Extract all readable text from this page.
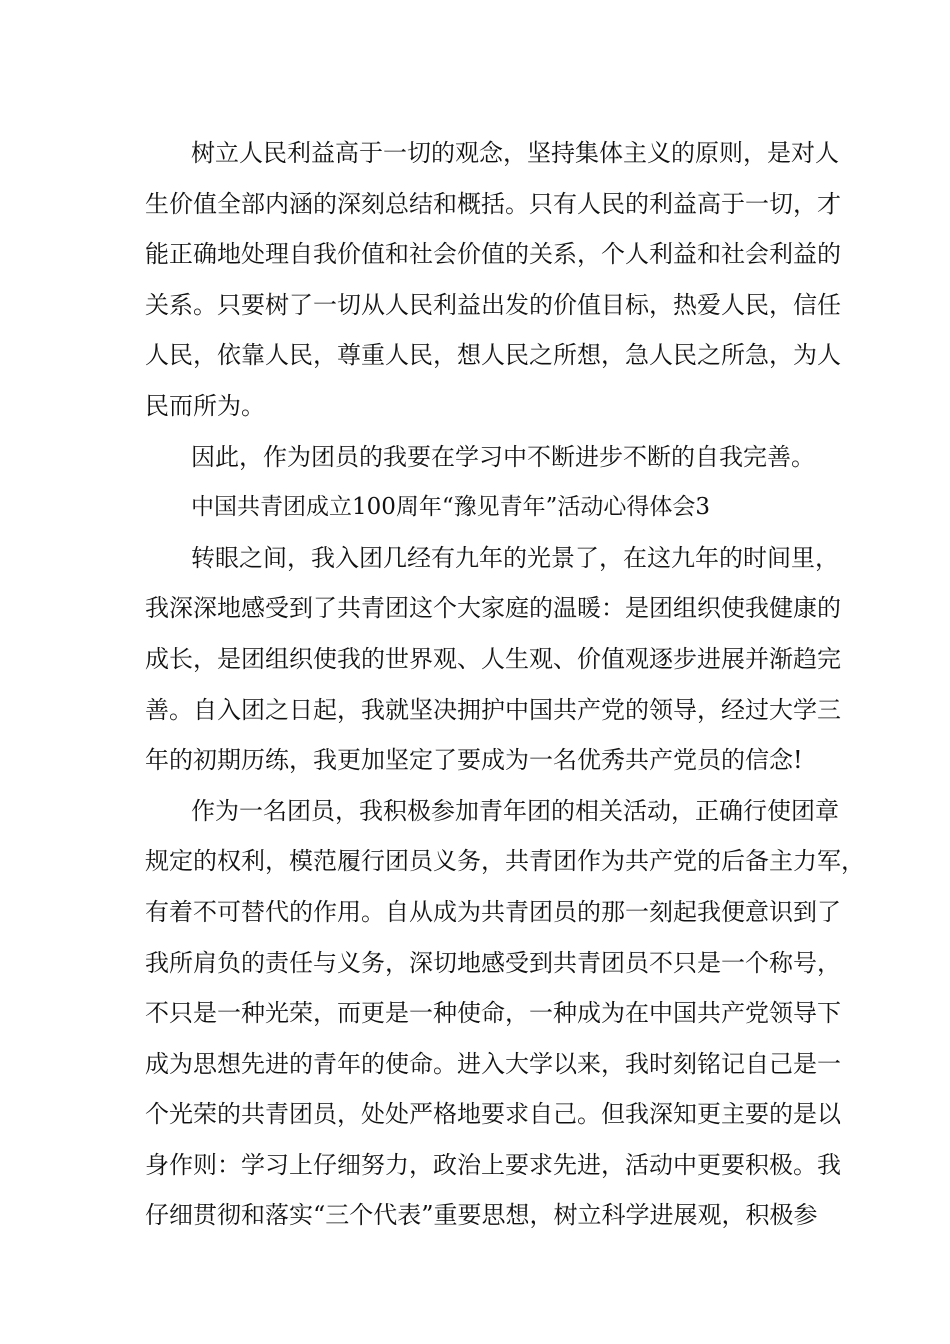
树立人民利益高于一切的观念，坚持集体主义的原则，是对人
生价值全部内涵的深刻总结和概括。只有人民的利益高于一切，才
能正确地处理自我价值和社会价值的关系，个人利益和社会利益的
关系。只要树了一切从人民利益出发的价值目标，热爱人民，信任
人民，依靠人民，尊重人民，想人民之所想，急人民之所急，为人
民而所为。
因此，作为团员的我要在学习中不断进步不断的自我完善。
中国共青团成立100周年“豫见青年”活动心得体会3
转眼之间，我入团几经有九年的光景了，在这九年的时间里，
我深深地感受到了共青团这个大家庭的温暖：是团组织使我健康的
成长，是团组织使我的世界观、人生观、价值观逐步进展并渐趋完
善。自入团之日起，我就坚决拥护中国共产党的领导，经过大学三
年的初期历练，我更加坚定了要成为一名优秀共产党员的信念!
作为一名团员，我积极参加青年团的相关活动，正确行使团章
规定的权利，模范履行团员义务，共青团作为共产党的后备主力军，
有着不可替代的作用。自从成为共青团员的那一刻起我便意识到了
我所肩负的责任与义务，深切地感受到共青团员不只是一个称号，
不只是一种光荣，而更是一种使命，一种成为在中国共产党领导下
成为思想先进的青年的使命。进入大学以来，我时刻铭记自己是一
个光荣的共青团员，处处严格地要求自己。但我深知更主要的是以
身作则：学习上仔细努力，政治上要求先进，活动中更要积极。我
仔细贯彻和落实“三个代表”重要思想，树立科学进展观，积极参
